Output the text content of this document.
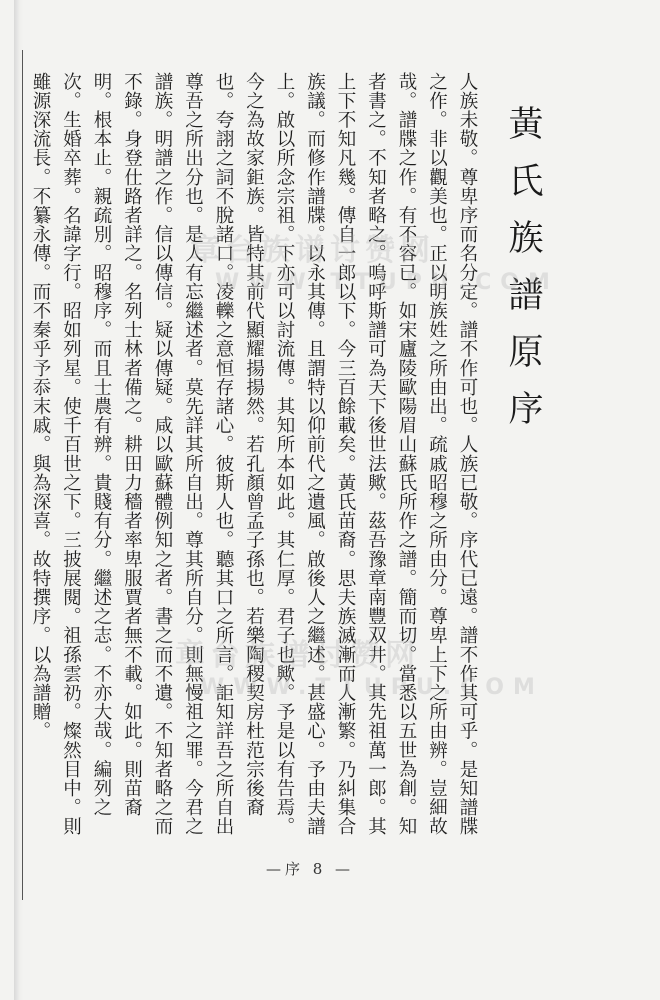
黃氏族譜原序
人族未敬。尊卑序而名分定。譜不作可也。人族已敬。序代已遠。譜不作其可乎。是知譜牒之作。非以觀美也。正以明族姓之所由出。疏戚昭穆之所由分。尊卑上下之所由辨。豈細故哉。譜牒之作。有不容已。如宋廬陵歐陽眉山蘇氏所作之譜。簡而切。當悉以五世為創。知者書之。不知者略之。嗚呼斯譜可為天下後世法歟。茲吾豫章南豐双井。其先祖萬一郎。其上下不知凡幾。傳自一郎以下。今三百餘載矣。黃氏苗裔。思夫族滅漸而人漸繁。乃糾集合族議。而修作譜牒。以永其傳。且謂特以仰前代之遺風。啟後人之繼述。甚盛心。予由夫譜上。啟以所念宗祖。下亦可以討流傳。其知所本如此。其仁厚。君子也歟。予是以有告焉。今之為故家鉅族。皆特其前代顯耀揚揚然。若孔顏曾孟子孫也。若樂陶稷契房杜范宗後裔也。夸詡之詞不脫諸口。凌轢之意恒存諸心。彼斯人也。聽其口之所言。詎知詳吾之所自出尊吾之所出分也。是人有忘繼述者。莫先詳其所自出。尊其所自分。則無慢祖之罪。今君之譜族。明譜之作。信以傳信。疑以傳疑。咸以歐蘇體例知之者。書之而不遺。不知者略之而不錄。身登仕路者詳之。名列士林者備之。耕田力穡者率卑服賈者無不載。如此。則苗裔明。根本止。親疏別。昭穆序。而且士農有辨。貴賤有分。繼述之志。不亦大哉。編列之次。生婚卒葬。名諱字行。昭如列星。使千百世之下。三披展閱。祖孫雲礽。燦然目中。則雖源深流長。不纂永傳。而不秦乎予忝末戚。與為深喜。故特撰序。以為譜贈。	章台族谱讨赞网
WWW.TTUPU.COM
章台族谱讨赞网
WWW.TTUPU.COM
—序 8 —
